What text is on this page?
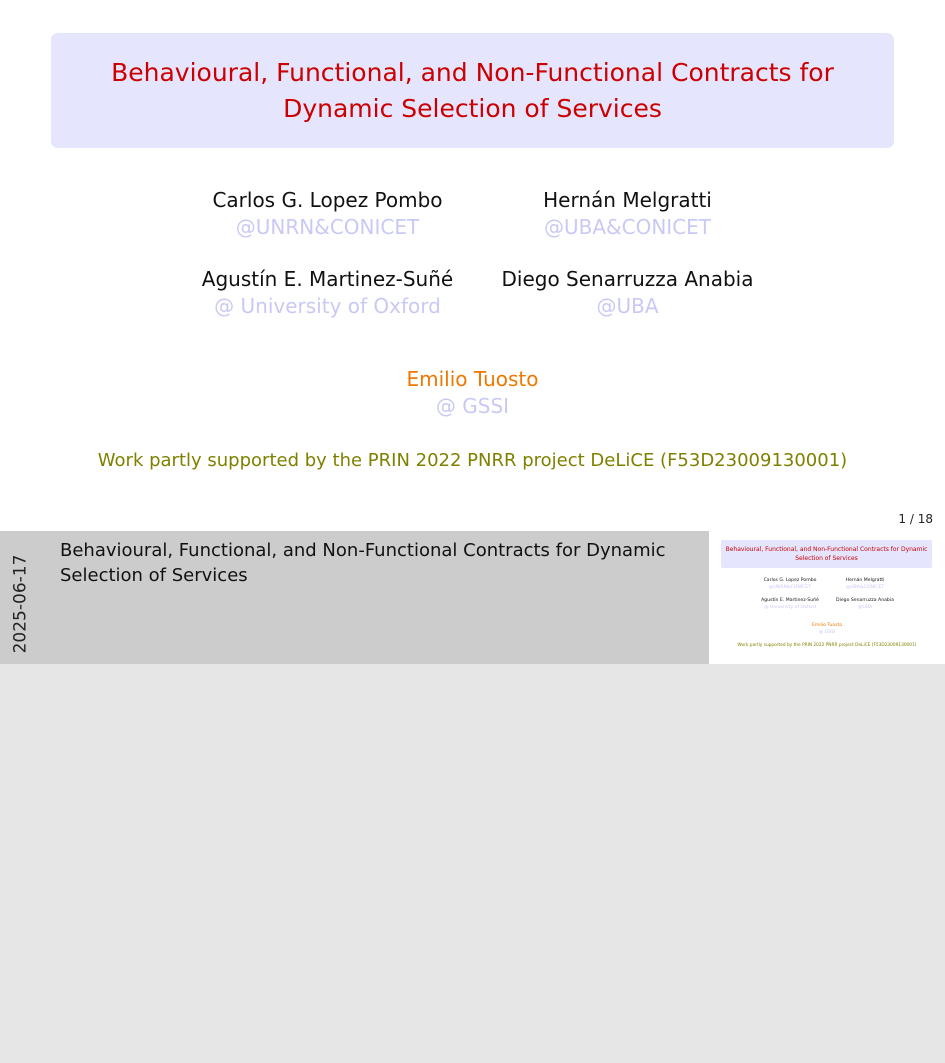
Behavioural, Functional, and Non-Functional Contracts for Dynamic Selection of Services
Carlos G. Lopez Pombo
@UNRN&CONICET
Hernán Melgratti
@UBA&CONICET
Agustín E. Martinez-Suñé
@ University of Oxford
Diego Senarruzza Anabia
@UBA
Emilio Tuosto
@ GSSI
Work partly supported by the PRIN 2022 PNRR project DeLiCE (F53D23009130001)
1 / 18
2025-06-17
Behavioural, Functional, and Non-Functional Contracts for Dynamic Selection of Services
Behavioural, Functional, and Non-Functional Contracts for Dynamic Selection of Services
Carlos G. Lopez Pombo
@UNRN&CONICET
Hernán Melgratti
@UBA&CONICET
Agustín E. Martinez-Suñé
@ University of Oxford
Diego Senarruzza Anabia
@UBA
Emilio Tuosto
@ GSSI
Work partly supported by the PRIN 2022 PNRR project DeLiCE (F53D23009130001)
